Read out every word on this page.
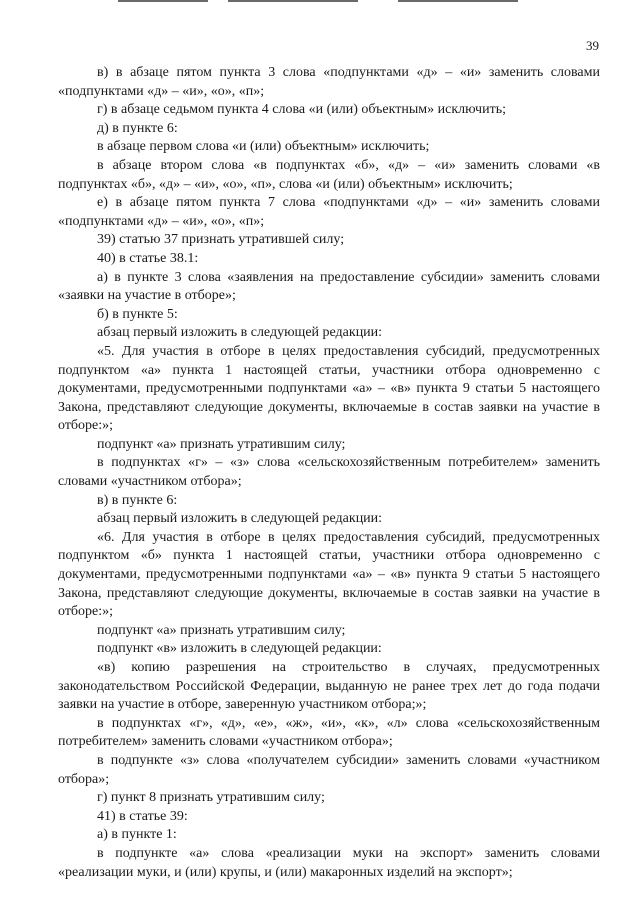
39

в) в абзаце пятом пункта 3 слова «подпунктами «д» – «и» заменить словами «подпунктами «д» – «и», «о», «п»;

г) в абзаце седьмом пункта 4 слова «и (или) объектным» исключить;

д) в пункте 6:

в абзаце первом слова «и (или) объектным» исключить;

в абзаце втором слова «в подпунктах «б», «д» – «и» заменить словами «в подпунктах «б», «д» – «и», «о», «п», слова «и (или) объектным» исключить;

е) в абзаце пятом пункта 7 слова «подпунктами «д» – «и» заменить словами «подпунктами «д» – «и», «о», «п»;

39) статью 37 признать утратившей силу;

40) в статье 38.1:

а) в пункте 3 слова «заявления на предоставление субсидии» заменить словами «заявки на участие в отборе»;

б) в пункте 5:

абзац первый изложить в следующей редакции:

«5. Для участия в отборе в целях предоставления субсидий, предусмотренных подпунктом «а» пункта 1 настоящей статьи, участники отбора одновременно с документами, предусмотренными подпунктами «а» – «в» пункта 9 статьи 5 настоящего Закона, представляют следующие документы, включаемые в состав заявки на участие в отборе:»;

подпункт «а» признать утратившим силу;

в подпунктах «г» – «з» слова «сельскохозяйственным потребителем» заменить словами «участником отбора»;

в) в пункте 6:

абзац первый изложить в следующей редакции:

«6. Для участия в отборе в целях предоставления субсидий, предусмотренных подпунктом «б» пункта 1 настоящей статьи, участники отбора одновременно с документами, предусмотренными подпунктами «а» – «в» пункта 9 статьи 5 настоящего Закона, представляют следующие документы, включаемые в состав заявки на участие в отборе:»;

подпункт «а» признать утратившим силу;

подпункт «в» изложить в следующей редакции:

«в) копию разрешения на строительство в случаях, предусмотренных законодательством Российской Федерации, выданную не ранее трех лет до года подачи заявки на участие в отборе, заверенную участником отбора;»;

в подпунктах «г», «д», «е», «ж», «и», «к», «л» слова «сельскохозяйственным потребителем» заменить словами «участником отбора»;

в подпункте «з» слова «получателем субсидии» заменить словами «участником отбора»;

г) пункт 8 признать утратившим силу;

41) в статье 39:

а) в пункте 1:

в подпункте «а» слова «реализации муки на экспорт» заменить словами «реализации муки, и (или) крупы, и (или) макаронных изделий на экспорт»;
